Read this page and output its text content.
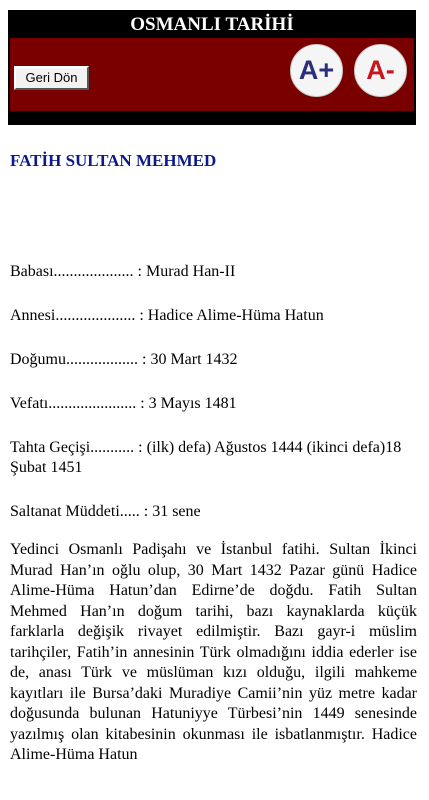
OSMANLI TARİHİ
Geri Dön	A+ A-
FATİH SULTAN MEHMED

Babası.................... : Murad Han-II

Annesi.................... : Hadice Alime-Hüma Hatun

Doğumu.................. : 30 Mart 1432

Vefatı...................... : 3 Mayıs 1481

Tahta Geçişi........... : (ilk) defa) Ağustos 1444 (ikinci defa)18 Şubat 1451

Saltanat Müddeti..... : 31 sene

Yedinci Osmanlı Padişahı ve İstanbul fatihi. Sultan İkinci Murad Han’ın oğlu olup, 30 Mart 1432 Pazar günü Hadice Alime-Hüma Hatun’dan Edirne’de doğdu. Fatih Sultan Mehmed Han’ın doğum tarihi, bazı kaynaklarda küçük farklarla değişik rivayet edilmiştir. Bazı gayr-i müslim tarihçiler, Fatih’in annesinin Türk olmadığını iddia ederler ise de, anası Türk ve müslüman kızı olduğu, ilgili mahkeme kayıtları ile Bursa’daki Muradiye Camii’nin yüz metre kadar doğusunda bulunan Hatuniyye Türbesi’nin 1449 senesinde yazılmış olan kitabesinin okunması ile isbatlanmıştır. Hadice Alime-Hüma Hatun
